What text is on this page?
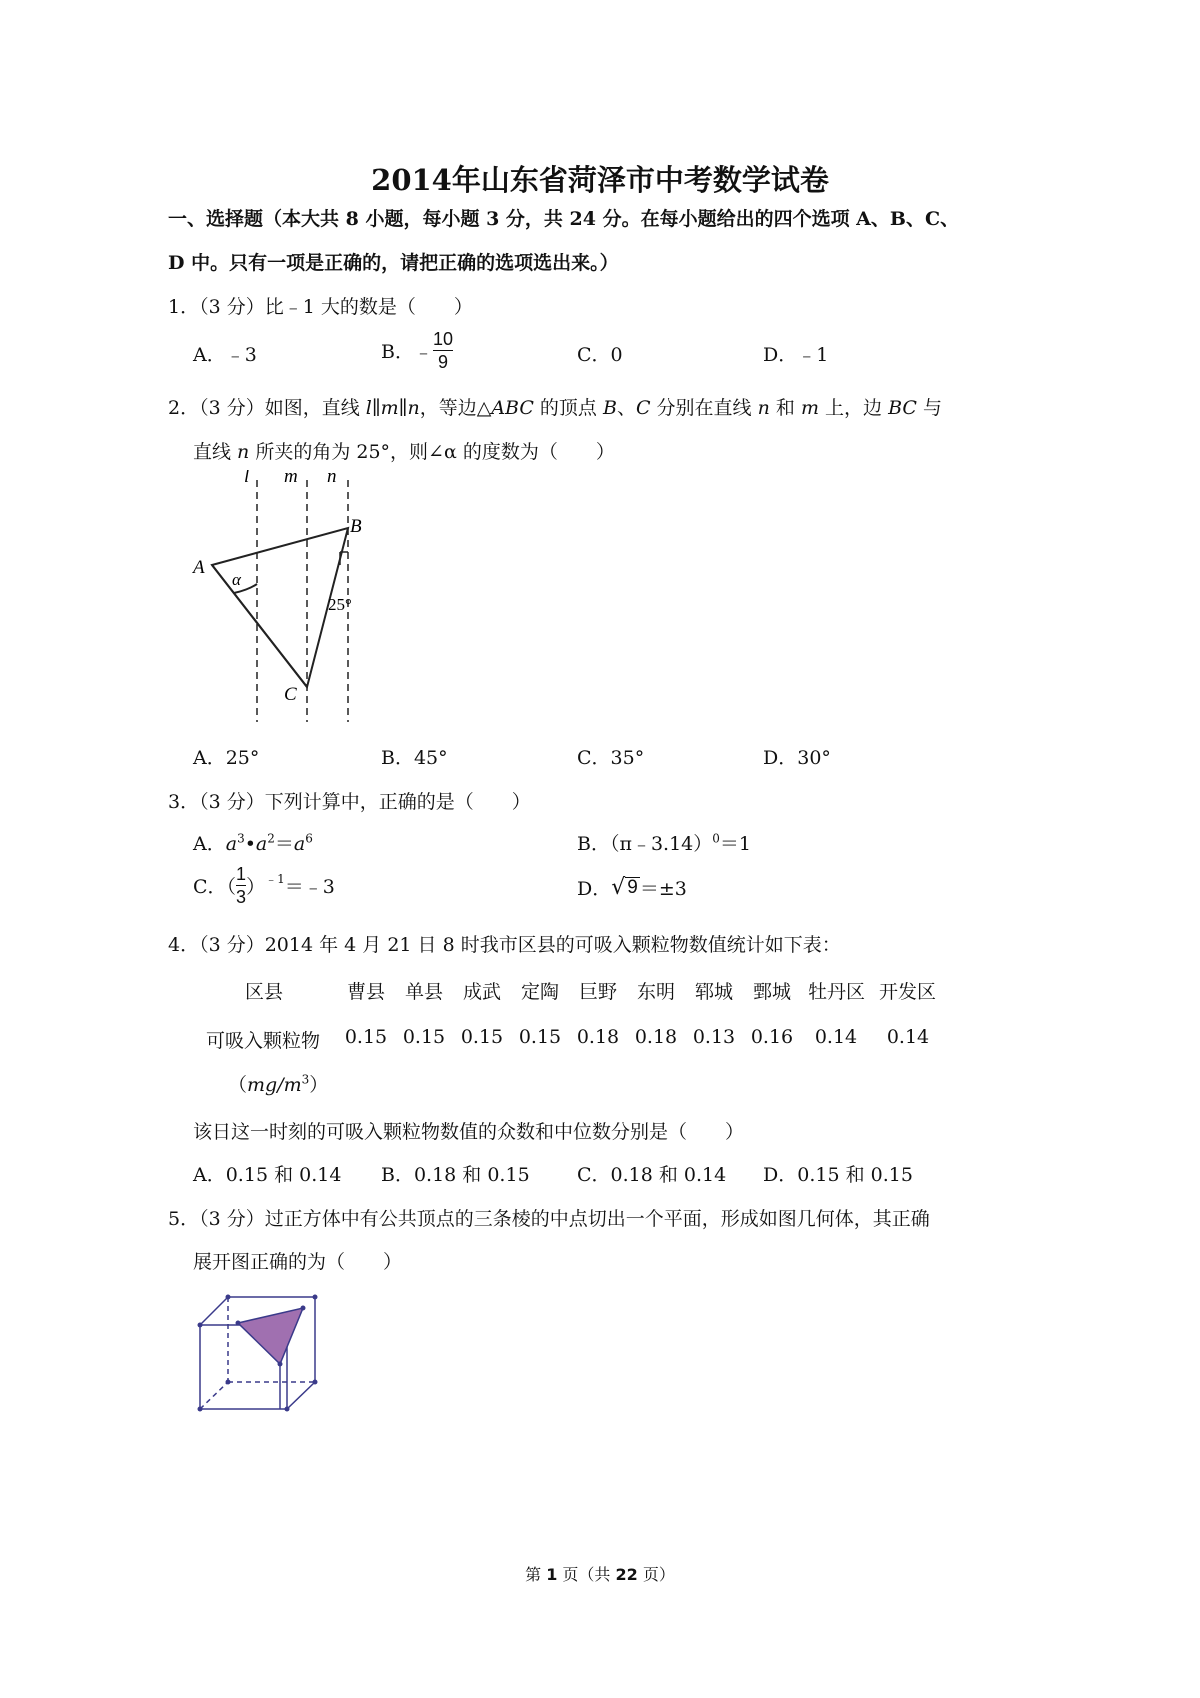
2014年山东省菏泽市中考数学试卷
一、选择题（本大共 8 小题，每小题 3 分，共 24 分。在每小题给出的四个选项 A、B、C、
D 中。只有一项是正确的，请把正确的选项选出来。）
1．（3 分）比﹣1 大的数是（　　）
A．﹣3	B．﹣ $\frac{10}{9}$	C．0	D．﹣1
2．（3 分）如图，直线 l∥m∥n，等边△ABC 的顶点 B、C 分别在直线 n 和 m 上，边 BC 与
直线 n 所夹的角为 25°，则∠α 的度数为（　　）
l m n
A
B
C
α
25°
A．25°	B．45°	C．35°	D．30°
3．（3 分）下列计算中，正确的是（　　）
A．$a^3•a^2=a^6$	B．（π﹣3.14）$^0$＝1
C．（ $\frac{1}{3}$ ）$^{﹣1}$＝﹣3	D． √ 9 ＝±3
4．（3 分）2014 年 4 月 21 日 8 时我市区县的可吸入颗粒物数值统计如下表：
区县	曹县	单县	成武	定陶	巨野	东明	郓城	鄄城 牡丹区 开发区
可吸入颗粒物	0.15 0.15 0.15 0.15 0.18 0.18 0.13 0.16	0.14	0.14
$(mg/m^3)$
该日这一时刻的可吸入颗粒物数值的众数和中位数分别是（　　）
A．0.15 和 0.14 B．0.18 和 0.15 C．0.18 和 0.14 D．0.15 和 0.15
5．（3 分）过正方体中有公共顶点的三条棱的中点切出一个平面，形成如图几何体，其正确
展开图正确的为（　　）
第 1 页（共 22 页）
